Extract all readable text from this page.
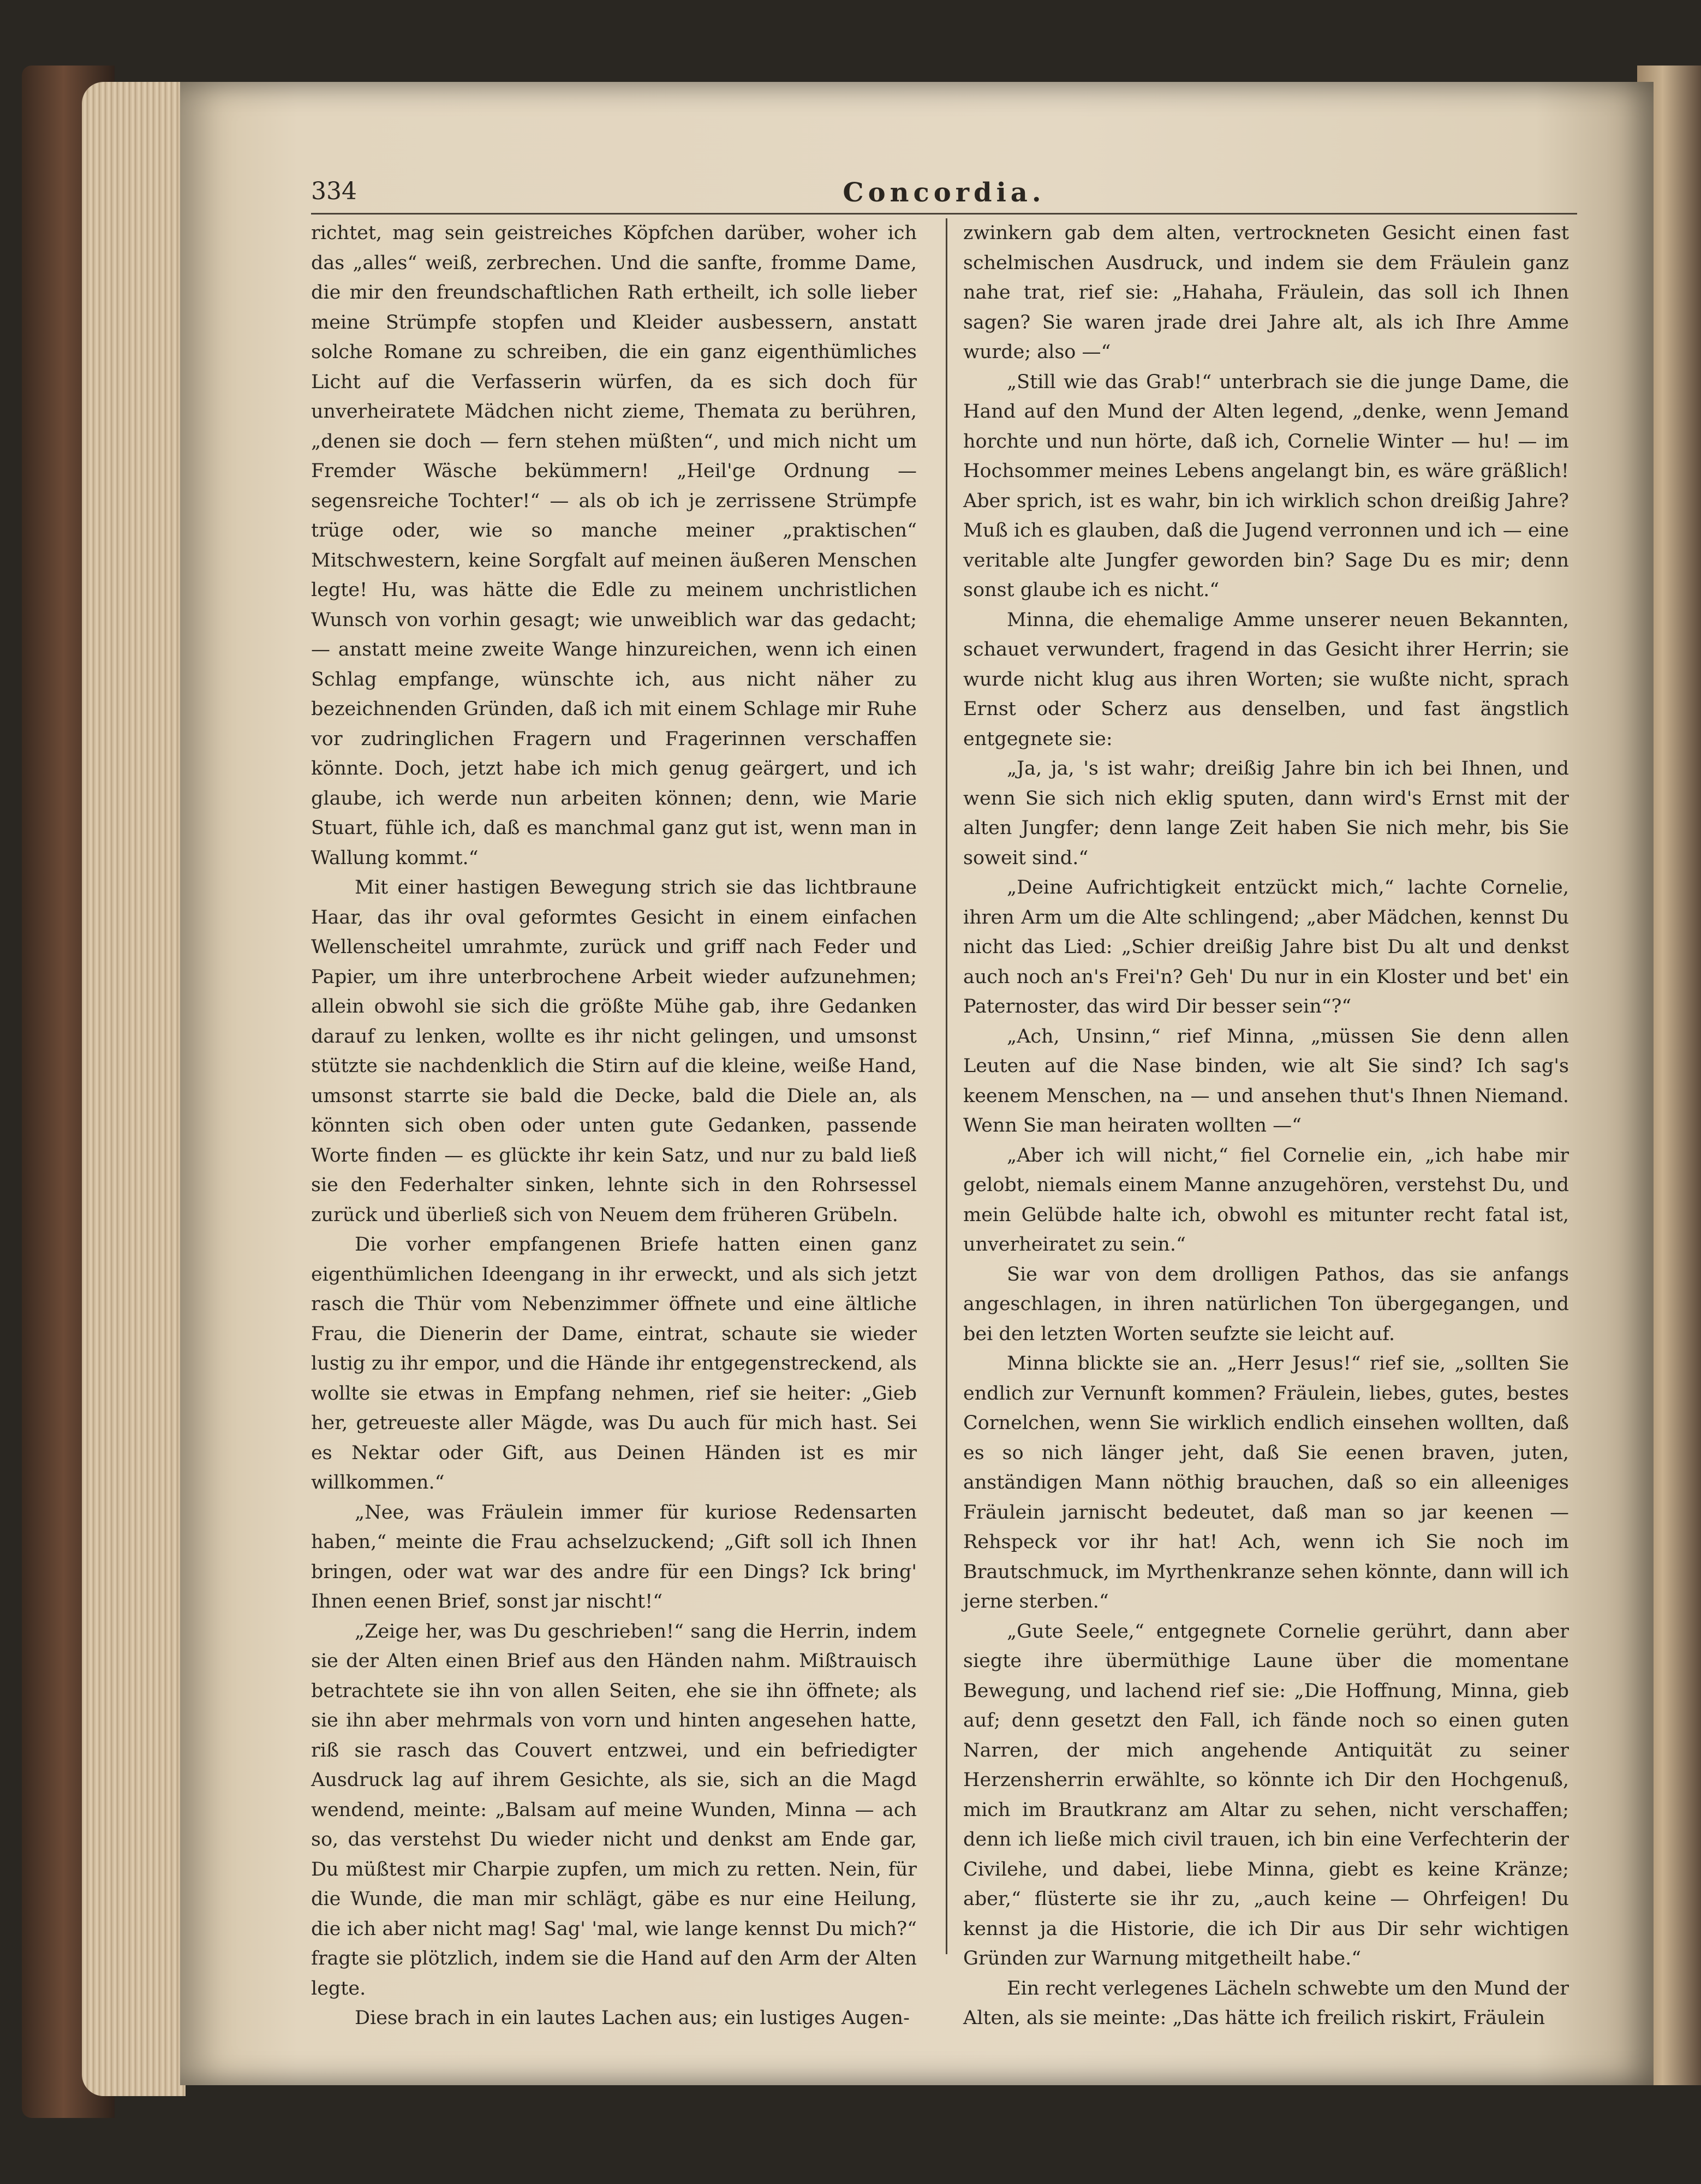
334	Concordia.

richtet, mag sein geistreiches Köpfchen darüber, woher ich das „alles“ weiß, zerbrechen. Und die sanfte, fromme Dame, die mir den freundschaftlichen Rath ertheilt, ich solle lieber meine Strümpfe stopfen und Kleider ausbessern, anstatt solche Romane zu schreiben, die ein ganz eigenthümliches Licht auf die Verfasserin würfen, da es sich doch für unverheiratete Mädchen nicht zieme, Themata zu berühren, „denen sie doch — fern stehen müßten“, und mich nicht um Fremder Wäsche bekümmern! „Heil'ge Ordnung — segensreiche Tochter!“ — als ob ich je zerrissene Strümpfe trüge oder, wie so manche meiner „praktischen“ Mitschwestern, keine Sorgfalt auf meinen äußeren Menschen legte! Hu, was hätte die Edle zu meinem unchristlichen Wunsch von vorhin gesagt; wie unweiblich war das gedacht; — anstatt meine zweite Wange hinzureichen, wenn ich einen Schlag empfange, wünschte ich, aus nicht näher zu bezeichnenden Gründen, daß ich mit einem Schlage mir Ruhe vor zudringlichen Fragern und Fragerinnen verschaffen könnte. Doch, jetzt habe ich mich genug geärgert, und ich glaube, ich werde nun arbeiten können; denn, wie Marie Stuart, fühle ich, daß es manchmal ganz gut ist, wenn man in Wallung kommt.“

Mit einer hastigen Bewegung strich sie das lichtbraune Haar, das ihr oval geformtes Gesicht in einem einfachen Wellenscheitel umrahmte, zurück und griff nach Feder und Papier, um ihre unterbrochene Arbeit wieder aufzunehmen; allein obwohl sie sich die größte Mühe gab, ihre Gedanken darauf zu lenken, wollte es ihr nicht gelingen, und umsonst stützte sie nachdenklich die Stirn auf die kleine, weiße Hand, umsonst starrte sie bald die Decke, bald die Diele an, als könnten sich oben oder unten gute Gedanken, passende Worte finden — es glückte ihr kein Satz, und nur zu bald ließ sie den Federhalter sinken, lehnte sich in den Rohrsessel zurück und überließ sich von Neuem dem früheren Grübeln.

Die vorher empfangenen Briefe hatten einen ganz eigenthümlichen Ideengang in ihr erweckt, und als sich jetzt rasch die Thür vom Nebenzimmer öffnete und eine ältliche Frau, die Dienerin der Dame, eintrat, schaute sie wieder lustig zu ihr empor, und die Hände ihr entgegenstreckend, als wollte sie etwas in Empfang nehmen, rief sie heiter: „Gieb her, getreueste aller Mägde, was Du auch für mich hast. Sei es Nektar oder Gift, aus Deinen Händen ist es mir willkommen.“

„Nee, was Fräulein immer für kuriose Redensarten haben,“ meinte die Frau achselzuckend; „Gift soll ich Ihnen bringen, oder wat war des andre für een Dings? Ick bring' Ihnen eenen Brief, sonst jar nischt!“

„Zeige her, was Du geschrieben!“ sang die Herrin, indem sie der Alten einen Brief aus den Händen nahm. Mißtrauisch betrachtete sie ihn von allen Seiten, ehe sie ihn öffnete; als sie ihn aber mehrmals von vorn und hinten angesehen hatte, riß sie rasch das Couvert entzwei, und ein befriedigter Ausdruck lag auf ihrem Gesichte, als sie, sich an die Magd wendend, meinte: „Balsam auf meine Wunden, Minna — ach so, das verstehst Du wieder nicht und denkst am Ende gar, Du müßtest mir Charpie zupfen, um mich zu retten. Nein, für die Wunde, die man mir schlägt, gäbe es nur eine Heilung, die ich aber nicht mag! Sag' 'mal, wie lange kennst Du mich?“ fragte sie plötzlich, indem sie die Hand auf den Arm der Alten legte.

Diese brach in ein lautes Lachen aus; ein lustiges Augen-

zwinkern gab dem alten, vertrockneten Gesicht einen fast schelmischen Ausdruck, und indem sie dem Fräulein ganz nahe trat, rief sie: „Hahaha, Fräulein, das soll ich Ihnen sagen? Sie waren jrade drei Jahre alt, als ich Ihre Amme wurde; also —“

„Still wie das Grab!“ unterbrach sie die junge Dame, die Hand auf den Mund der Alten legend, „denke, wenn Jemand horchte und nun hörte, daß ich, Cornelie Winter — hu! — im Hochsommer meines Lebens angelangt bin, es wäre gräßlich! Aber sprich, ist es wahr, bin ich wirklich schon dreißig Jahre? Muß ich es glauben, daß die Jugend verronnen und ich — eine veritable alte Jungfer geworden bin? Sage Du es mir; denn sonst glaube ich es nicht.“

Minna, die ehemalige Amme unserer neuen Bekannten, schauet verwundert, fragend in das Gesicht ihrer Herrin; sie wurde nicht klug aus ihren Worten; sie wußte nicht, sprach Ernst oder Scherz aus denselben, und fast ängstlich entgegnete sie:

„Ja, ja, 's ist wahr; dreißig Jahre bin ich bei Ihnen, und wenn Sie sich nich eklig sputen, dann wird's Ernst mit der alten Jungfer; denn lange Zeit haben Sie nich mehr, bis Sie soweit sind.“

„Deine Aufrichtigkeit entzückt mich,“ lachte Cornelie, ihren Arm um die Alte schlingend; „aber Mädchen, kennst Du nicht das Lied: „Schier dreißig Jahre bist Du alt und denkst auch noch an's Frei'n? Geh' Du nur in ein Kloster und bet' ein Paternoster, das wird Dir besser sein“?“

„Ach, Unsinn,“ rief Minna, „müssen Sie denn allen Leuten auf die Nase binden, wie alt Sie sind? Ich sag's keenem Menschen, na — und ansehen thut's Ihnen Niemand. Wenn Sie man heiraten wollten —“

„Aber ich will nicht,“ fiel Cornelie ein, „ich habe mir gelobt, niemals einem Manne anzugehören, verstehst Du, und mein Gelübde halte ich, obwohl es mitunter recht fatal ist, unverheiratet zu sein.“

Sie war von dem drolligen Pathos, das sie anfangs angeschlagen, in ihren natürlichen Ton übergegangen, und bei den letzten Worten seufzte sie leicht auf.

Minna blickte sie an. „Herr Jesus!“ rief sie, „sollten Sie endlich zur Vernunft kommen? Fräulein, liebes, gutes, bestes Cornelchen, wenn Sie wirklich endlich einsehen wollten, daß es so nich länger jeht, daß Sie eenen braven, juten, anständigen Mann nöthig brauchen, daß so ein alleeniges Fräulein jarnischt bedeutet, daß man so jar keenen — Rehspeck vor ihr hat! Ach, wenn ich Sie noch im Brautschmuck, im Myrthenkranze sehen könnte, dann will ich jerne sterben.“

„Gute Seele,“ entgegnete Cornelie gerührt, dann aber siegte ihre übermüthige Laune über die momentane Bewegung, und lachend rief sie: „Die Hoffnung, Minna, gieb auf; denn gesetzt den Fall, ich fände noch so einen guten Narren, der mich angehende Antiquität zu seiner Herzensherrin erwählte, so könnte ich Dir den Hochgenuß, mich im Brautkranz am Altar zu sehen, nicht verschaffen; denn ich ließe mich civil trauen, ich bin eine Verfechterin der Civilehe, und dabei, liebe Minna, giebt es keine Kränze; aber,“ flüsterte sie ihr zu, „auch keine — Ohrfeigen! Du kennst ja die Historie, die ich Dir aus Dir sehr wichtigen Gründen zur Warnung mitgetheilt habe.“

Ein recht verlegenes Lächeln schwebte um den Mund der Alten, als sie meinte: „Das hätte ich freilich riskirt, Fräulein
